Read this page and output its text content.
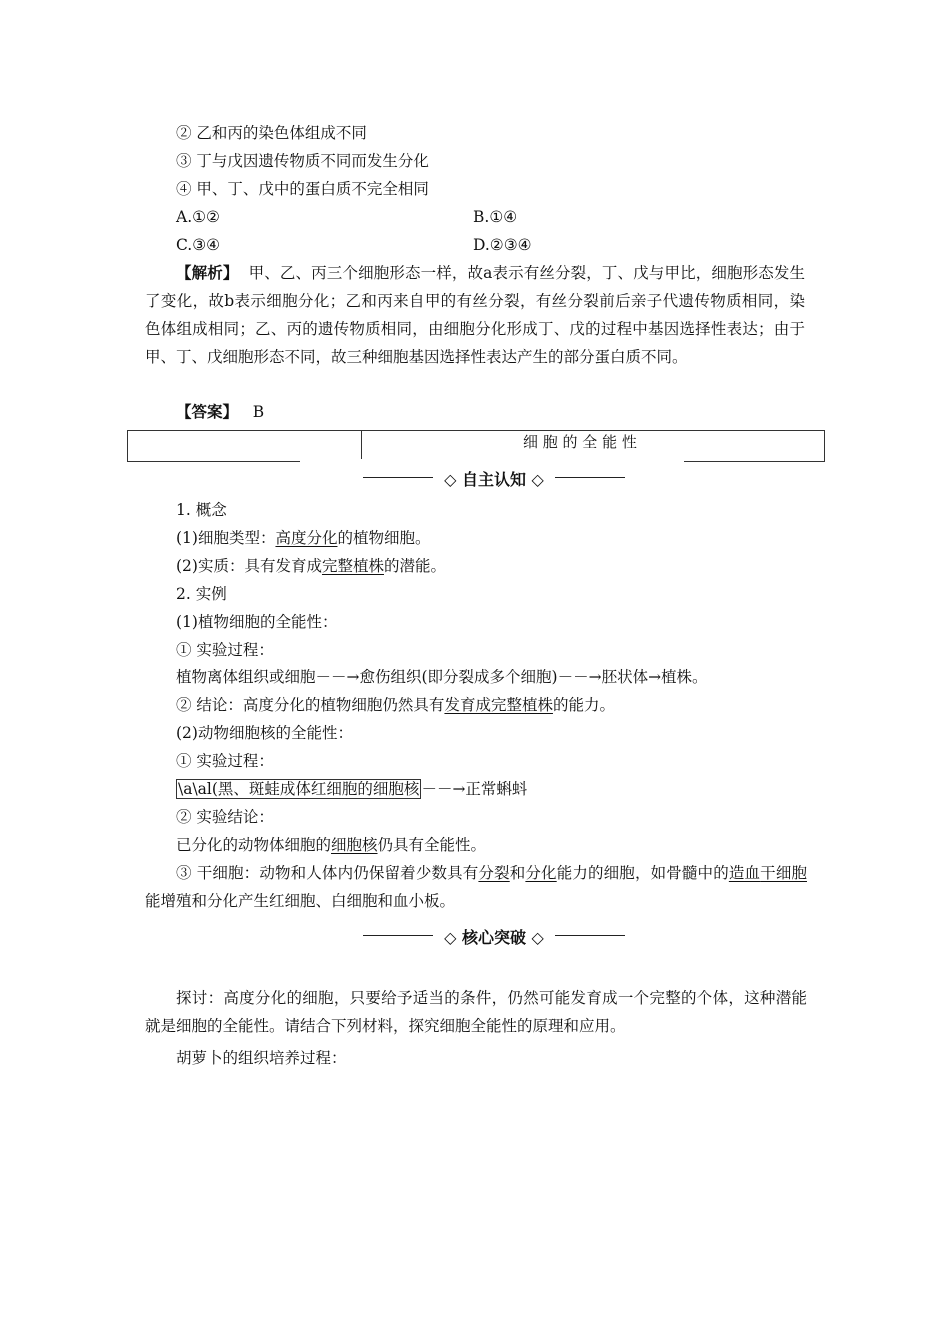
② 乙和丙的染色体组成不同
③ 丁与戊因遗传物质不同而发生分化
④ 甲、丁、戊中的蛋白质不完全相同
A.①②	B.①④
C.③④	D.②③④
【解析】 甲、乙、丙三个细胞形态一样，故a表示有丝分裂，丁、戊与甲比，细胞形态发生了变化，故b表示细胞分化；乙和丙来自甲的有丝分裂，有丝分裂前后亲子代遗传物质相同，染色体组成相同；乙、丙的遗传物质相同，由细胞分化形成丁、戊的过程中基因选择性表达；由于甲、丁、戊细胞形态不同，故三种细胞基因选择性表达产生的部分蛋白质不同。
【答案】 B
细 胞 的 全 能 性
◇ 自主认知 ◇
1. 概念
(1)细胞类型：高度分化的植物细胞。
(2)实质：具有发育成完整植株的潜能。
2. 实例
(1)植物细胞的全能性：
① 实验过程：
植物离体组织或细胞－－→愈伤组织(即分裂成多个细胞)－－→胚状体→植株。
② 结论：高度分化的植物细胞仍然具有发育成完整植株的能力。
(2)动物细胞核的全能性：
① 实验过程：
\a\al(黑、斑蛙成体红细胞的细胞核 －－→正常蝌蚪
② 实验结论：
已分化的动物体细胞的细胞核仍具有全能性。
③ 干细胞：动物和人体内仍保留着少数具有分裂和分化能力的细胞，如骨髓中的造血干细胞能增殖和分化产生红细胞、白细胞和血小板。
◇ 核心突破 ◇
探讨：高度分化的细胞，只要给予适当的条件，仍然可能发育成一个完整的个体，这种潜能就是细胞的全能性。请结合下列材料，探究细胞全能性的原理和应用。
胡萝卜的组织培养过程：
